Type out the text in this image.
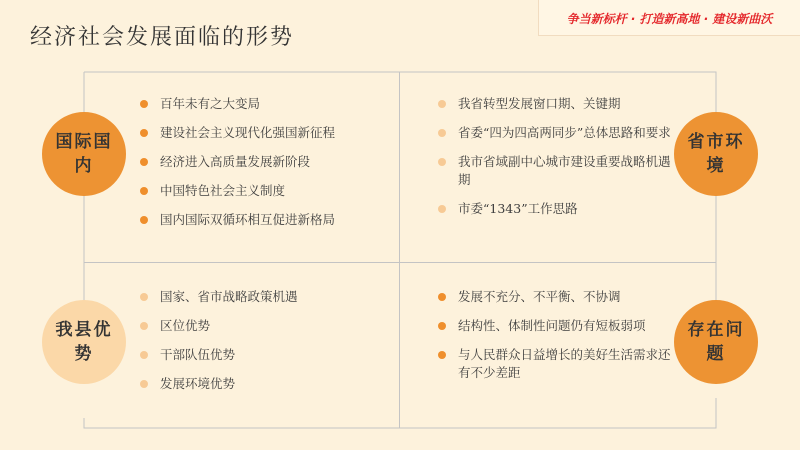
经济社会发展面临的形势
争当新标杆 · 打造新高地 · 建设新曲沃
国际国内
百年未有之大变局
建设社会主义现代化强国新征程
经济进入高质量发展新阶段
中国特色社会主义制度
国内国际双循环相互促进新格局
省市环境
我省转型发展窗口期、关键期
省委“四为四高两同步”总体思路和要求
我市省域副中心城市建设重要战略机遇期
市委“1343”工作思路
我县优势
国家、省市战略政策机遇
区位优势
干部队伍优势
发展环境优势
存在问题
发展不充分、不平衡、不协调
结构性、体制性问题仍有短板弱项
与人民群众日益增长的美好生活需求还有不少差距
